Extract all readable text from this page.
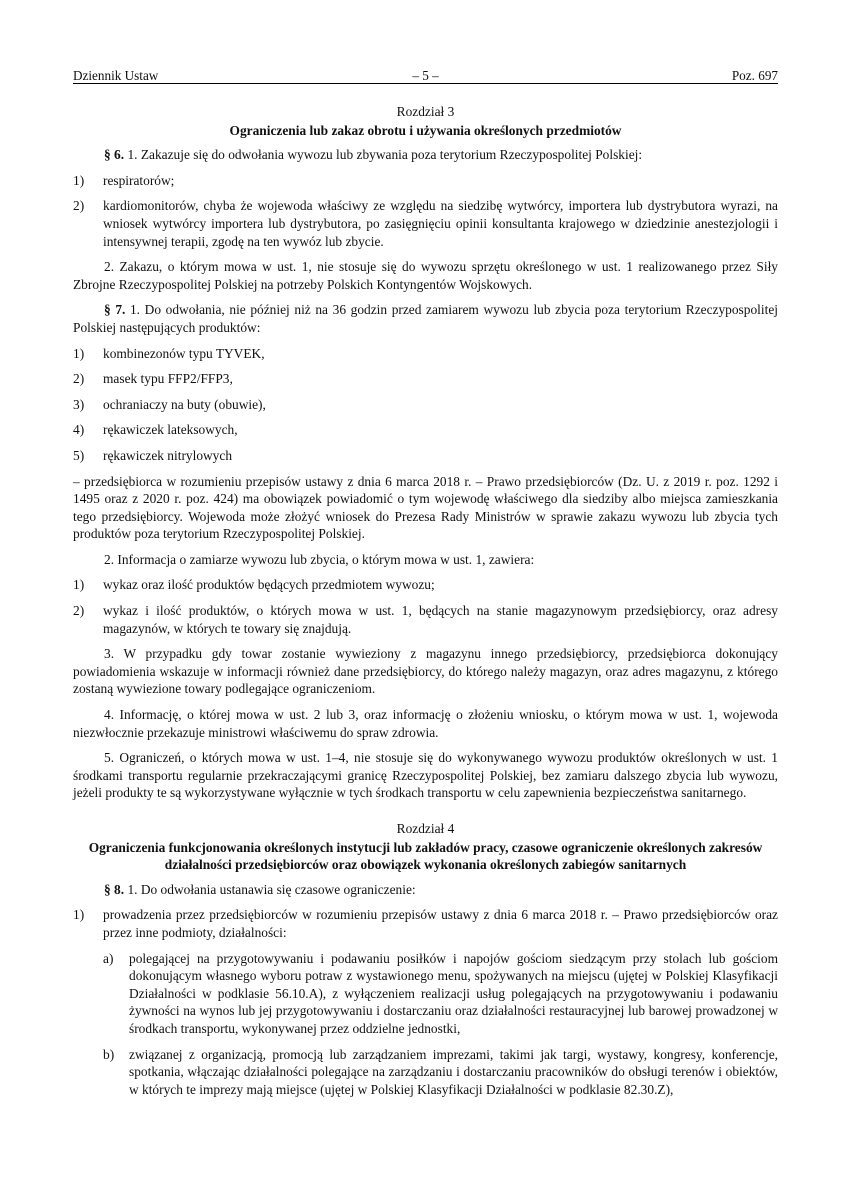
Dziennik Ustaw	– 5 –	Poz. 697

Rozdział 3

Ograniczenia lub zakaz obrotu i używania określonych przedmiotów

§ 6. 1. Zakazuje się do odwołania wywozu lub zbywania poza terytorium Rzeczypospolitej Polskiej:

1)	respiratorów;
2)	kardiomonitorów, chyba że wojewoda właściwy ze względu na siedzibę wytwórcy, importera lub dystrybutora wyrazi, na wniosek wytwórcy importera lub dystrybutora, po zasięgnięciu opinii konsultanta krajowego w dziedzinie anestezjologii i intensywnej terapii, zgodę na ten wywóz lub zbycie.

2. Zakazu, o którym mowa w ust. 1, nie stosuje się do wywozu sprzętu określonego w ust. 1 realizowanego przez Siły Zbrojne Rzeczypospolitej Polskiej na potrzeby Polskich Kontyngentów Wojskowych.

§ 7. 1. Do odwołania, nie później niż na 36 godzin przed zamiarem wywozu lub zbycia poza terytorium Rzeczypospolitej Polskiej następujących produktów:

1)	kombinezonów typu TYVEK,
2)	masek typu FFP2/FFP3,
3)	ochraniaczy na buty (obuwie),
4)	rękawiczek lateksowych,
5)	rękawiczek nitrylowych

– przedsiębiorca w rozumieniu przepisów ustawy z dnia 6 marca 2018 r. – Prawo przedsiębiorców (Dz. U. z 2019 r. poz. 1292 i 1495 oraz z 2020 r. poz. 424) ma obowiązek powiadomić o tym wojewodę właściwego dla siedziby albo miejsca zamieszkania tego przedsiębiorcy. Wojewoda może złożyć wniosek do Prezesa Rady Ministrów w sprawie zakazu wywozu lub zbycia tych produktów poza terytorium Rzeczypospolitej Polskiej.

2. Informacja o zamiarze wywozu lub zbycia, o którym mowa w ust. 1, zawiera:

1)	wykaz oraz ilość produktów będących przedmiotem wywozu;
2)	wykaz i ilość produktów, o których mowa w ust. 1, będących na stanie magazynowym przedsiębiorcy, oraz adresy magazynów, w których te towary się znajdują.

3. W przypadku gdy towar zostanie wywieziony z magazynu innego przedsiębiorcy, przedsiębiorca dokonujący powiadomienia wskazuje w informacji również dane przedsiębiorcy, do którego należy magazyn, oraz adres magazynu, z którego zostaną wywiezione towary podlegające ograniczeniom.

4. Informację, o której mowa w ust. 2 lub 3, oraz informację o złożeniu wniosku, o którym mowa w ust. 1, wojewoda niezwłocznie przekazuje ministrowi właściwemu do spraw zdrowia.

5. Ograniczeń, o których mowa w ust. 1–4, nie stosuje się do wykonywanego wywozu produktów określonych w ust. 1 środkami transportu regularnie przekraczającymi granicę Rzeczypospolitej Polskiej, bez zamiaru dalszego zbycia lub wywozu, jeżeli produkty te są wykorzystywane wyłącznie w tych środkach transportu w celu zapewnienia bezpieczeństwa sanitarnego.

Rozdział 4

Ograniczenia funkcjonowania określonych instytucji lub zakładów pracy, czasowe ograniczenie określonych zakresów działalności przedsiębiorców oraz obowiązek wykonania określonych zabiegów sanitarnych

§ 8. 1. Do odwołania ustanawia się czasowe ograniczenie:

1)	prowadzenia przez przedsiębiorców w rozumieniu przepisów ustawy z dnia 6 marca 2018 r. – Prawo przedsiębiorców oraz przez inne podmioty, działalności:
a)	polegającej na przygotowywaniu i podawaniu posiłków i napojów gościom siedzącym przy stolach lub gościom dokonującym własnego wyboru potraw z wystawionego menu, spożywanych na miejscu (ujętej w Polskiej Klasyfikacji Działalności w podklasie 56.10.A), z wyłączeniem realizacji usług polegających na przygotowywaniu i podawaniu żywności na wynos lub jej przygotowywaniu i dostarczaniu oraz działalności restauracyjnej lub barowej prowadzonej w środkach transportu, wykonywanej przez oddzielne jednostki,
b)	związanej z organizacją, promocją lub zarządzaniem imprezami, takimi jak targi, wystawy, kongresy, konferencje, spotkania, włączając działalności polegające na zarządzaniu i dostarczaniu pracowników do obsługi terenów i obiektów, w których te imprezy mają miejsce (ujętej w Polskiej Klasyfikacji Działalności w podklasie 82.30.Z),
